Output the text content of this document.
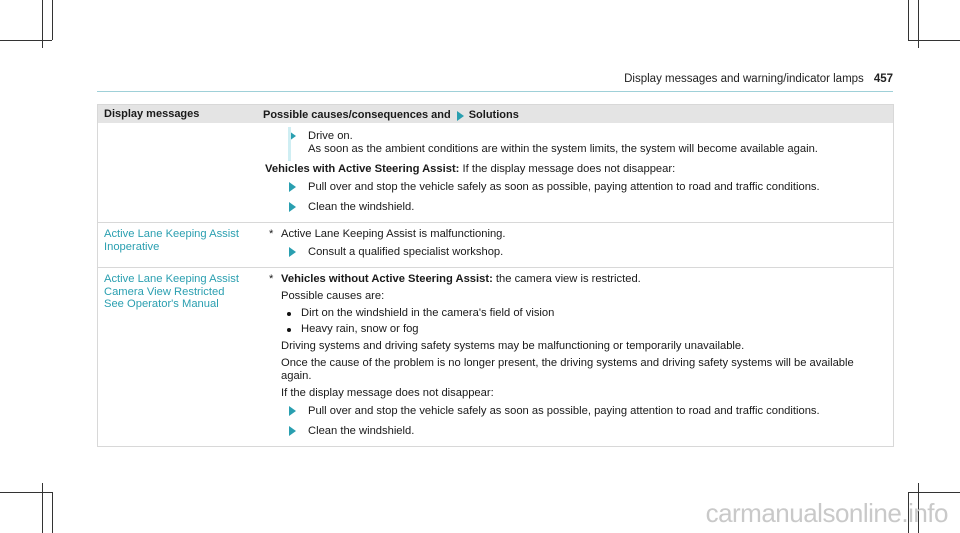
Display messages and warning/indicator lamps 457
Display messages	Possible causes/consequences and Solutions
Drive on.
As soon as the ambient conditions are within the system limits, the system will become available again.
Vehicles with Active Steering Assist: If the display message does not disappear:
Pull over and stop the vehicle safely as soon as possible, paying attention to road and traffic conditions.
Clean the windshield.
Active Lane Keeping Assist
Inoperative
* Active Lane Keeping Assist is malfunctioning.
Consult a qualified specialist workshop.
Active Lane Keeping Assist
Camera View Restricted
See Operator's Manual
* Vehicles without Active Steering Assist: the camera view is restricted.
Possible causes are:
Dirt on the windshield in the camera's field of vision
Heavy rain, snow or fog
Driving systems and driving safety systems may be malfunctioning or temporarily unavailable.
Once the cause of the problem is no longer present, the driving systems and driving safety systems will be available again.
If the display message does not disappear:
Pull over and stop the vehicle safely as soon as possible, paying attention to road and traffic conditions.
Clean the windshield.
carmanualsonline.info
